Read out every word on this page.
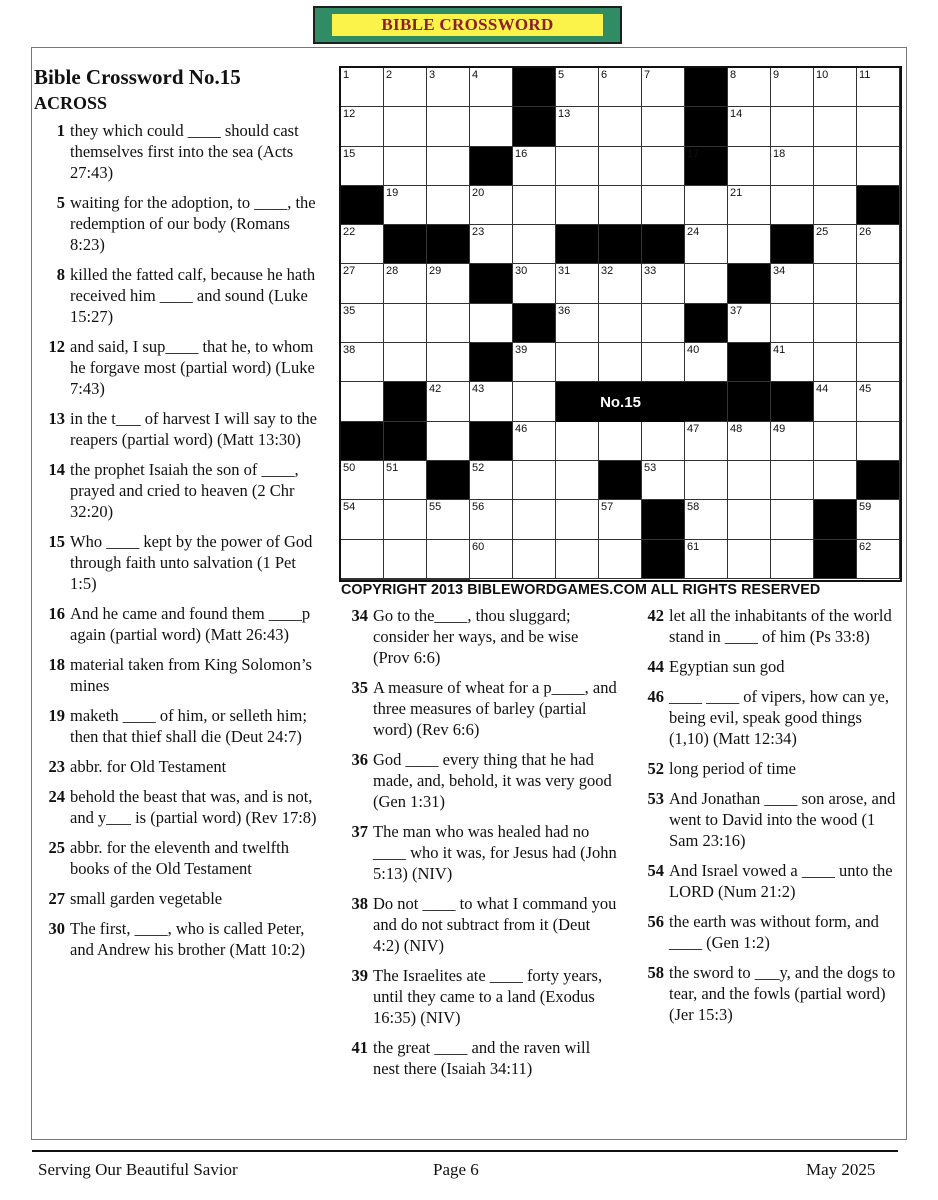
BIBLE CROSSWORD
Bible Crossword No.15
ACROSS
1 they which could ____ should cast themselves first into the sea (Acts 27:43)
5 waiting for the adoption, to ____, the redemption of our body (Romans 8:23)
8 killed the fatted calf, because he hath received him ____ and sound (Luke 15:27)
12 and said, I sup____ that he, to whom he forgave most (partial word) (Luke 7:43)
13 in the t___ of harvest I will say to the reapers (partial word) (Matt 13:30)
14 the prophet Isaiah the son of ____, prayed and cried to heaven (2 Chr 32:20)
15 Who ____ kept by the power of God through faith unto salvation (1 Pet 1:5)
16 And he came and found them ____p again (partial word) (Matt 26:43)
18 material taken from King Solomon’s mines
19 maketh ____ of him, or selleth him; then that thief shall die (Deut 24:7)
23 abbr. for Old Testament
24 behold the beast that was, and is not, and y___ is (partial word) (Rev 17:8)
25 abbr. for the eleventh and twelfth books of the Old Testament
27 small garden vegetable
30 The first, ____, who is called Peter, and Andrew his brother (Matt 10:2)
1	2	3	4	5	6	7	8	9	10	11
12	13	14
15	16	17	18
19	20	21
22	23	24	25	26
27	28	29	30	31	32	33	34
35	36	37
38	39	40	41
42	43	44	45
46	47	48	49
50	51	52	53
54	55	56	57	58	59
60	61	62
No.15
COPYRIGHT 2013 BIBLEWORDGAMES.COM ALL RIGHTS RESERVED
34 Go to the____, thou sluggard; consider her ways, and be wise (Prov 6:6)
35 A measure of wheat for a p____, and three measures of barley (partial word) (Rev 6:6)
36 God ____ every thing that he had made, and, behold, it was very good (Gen 1:31)
37 The man who was healed had no ____ who it was, for Jesus had (John 5:13) (NIV)
38 Do not ____ to what I command you and do not subtract from it (Deut 4:2) (NIV)
39 The Israelites ate ____ forty years, until they came to a land (Exodus 16:35) (NIV)
41 the great ____ and the raven will nest there (Isaiah 34:11)
42 let all the inhabitants of the world stand in ____ of him (Ps 33:8)
44 Egyptian sun god
46 ____ ____ of vipers, how can ye, being evil, speak good things (1,10) (Matt 12:34)
52 long period of time
53 And Jonathan ____ son arose, and went to David into the wood (1 Sam 23:16)
54 And Israel vowed a ____ unto the LORD (Num 21:2)
56 the earth was without form, and ____ (Gen 1:2)
58 the sword to ___y, and the dogs to tear, and the fowls (partial word) (Jer 15:3)
Serving Our Beautiful Savior	Page 6	May 2025
